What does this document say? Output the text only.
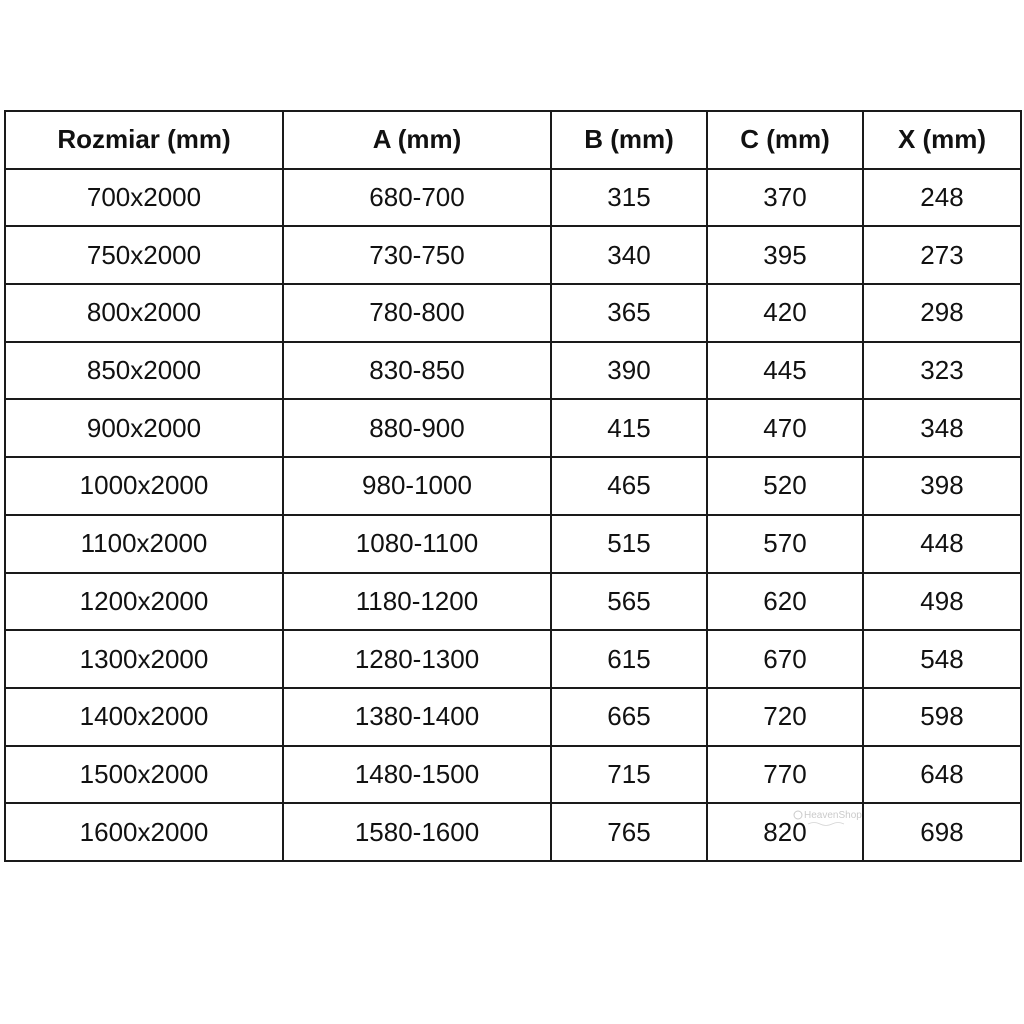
Rozmiar (mm)	A (mm)	B (mm)	C (mm)	X (mm)
700x2000	680-700	315	370	248
750x2000	730-750	340	395	273
800x2000	780-800	365	420	298
850x2000	830-850	390	445	323
900x2000	880-900	415	470	348
1000x2000	980-1000	465	520	398
1100x2000	1080-1100	515	570	448
1200x2000	1180-1200	565	620	498
1300x2000	1280-1300	615	670	548
1400x2000	1380-1400	665	720	598
1500x2000	1480-1500	715	770	648
1600x2000	1580-1600	765	820	698
HeavenShop
